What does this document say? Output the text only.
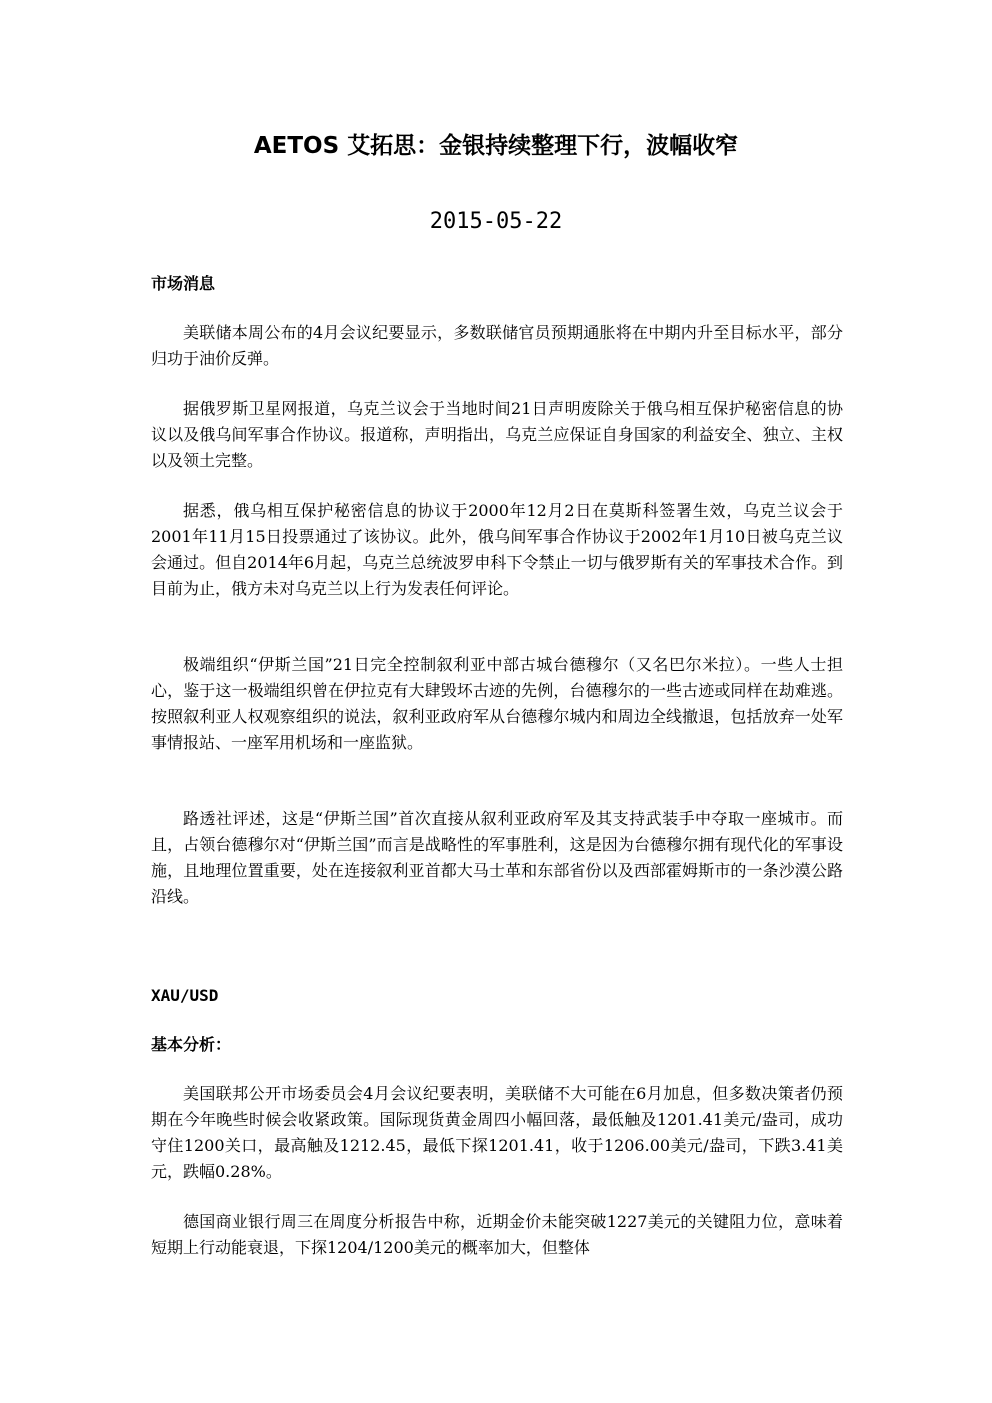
AETOS 艾拓思：金银持续整理下行，波幅收窄
2015-05-22
市场消息

美联储本周公布的4月会议纪要显示，多数联储官员预期通胀将在中期内升至目标水平，部分归功于油价反弹。

据俄罗斯卫星网报道，乌克兰议会于当地时间21日声明废除关于俄乌相互保护秘密信息的协议以及俄乌间军事合作协议。报道称，声明指出，乌克兰应保证自身国家的利益安全、独立、主权以及领土完整。

据悉，俄乌相互保护秘密信息的协议于2000年12月2日在莫斯科签署生效，乌克兰议会于2001年11月15日投票通过了该协议。此外，俄乌间军事合作协议于2002年1月10日被乌克兰议会通过。但自2014年6月起，乌克兰总统波罗申科下令禁止一切与俄罗斯有关的军事技术合作。到目前为止，俄方未对乌克兰以上行为发表任何评论。

极端组织“伊斯兰国”21日完全控制叙利亚中部古城台德穆尔（又名巴尔米拉）。一些人士担心，鉴于这一极端组织曾在伊拉克有大肆毁坏古迹的先例，台德穆尔的一些古迹或同样在劫难逃。按照叙利亚人权观察组织的说法，叙利亚政府军从台德穆尔城内和周边全线撤退，包括放弃一处军事情报站、一座军用机场和一座监狱。

路透社评述，这是“伊斯兰国”首次直接从叙利亚政府军及其支持武装手中夺取一座城市。而且，占领台德穆尔对“伊斯兰国”而言是战略性的军事胜利，这是因为台德穆尔拥有现代化的军事设施，且地理位置重要，处在连接叙利亚首都大马士革和东部省份以及西部霍姆斯市的一条沙漠公路沿线。

XAU/USD
基本分析：

美国联邦公开市场委员会4月会议纪要表明，美联储不大可能在6月加息，但多数决策者仍预期在今年晚些时候会收紧政策。国际现货黄金周四小幅回落，最低触及1201.41美元/盎司，成功守住1200关口，最高触及1212.45，最低下探1201.41，收于1206.00美元/盎司，下跌3.41美元，跌幅0.28%。

德国商业银行周三在周度分析报告中称，近期金价未能突破1227美元的关键阻力位，意味着短期上行动能衰退，下探1204/1200美元的概率加大，但整体
